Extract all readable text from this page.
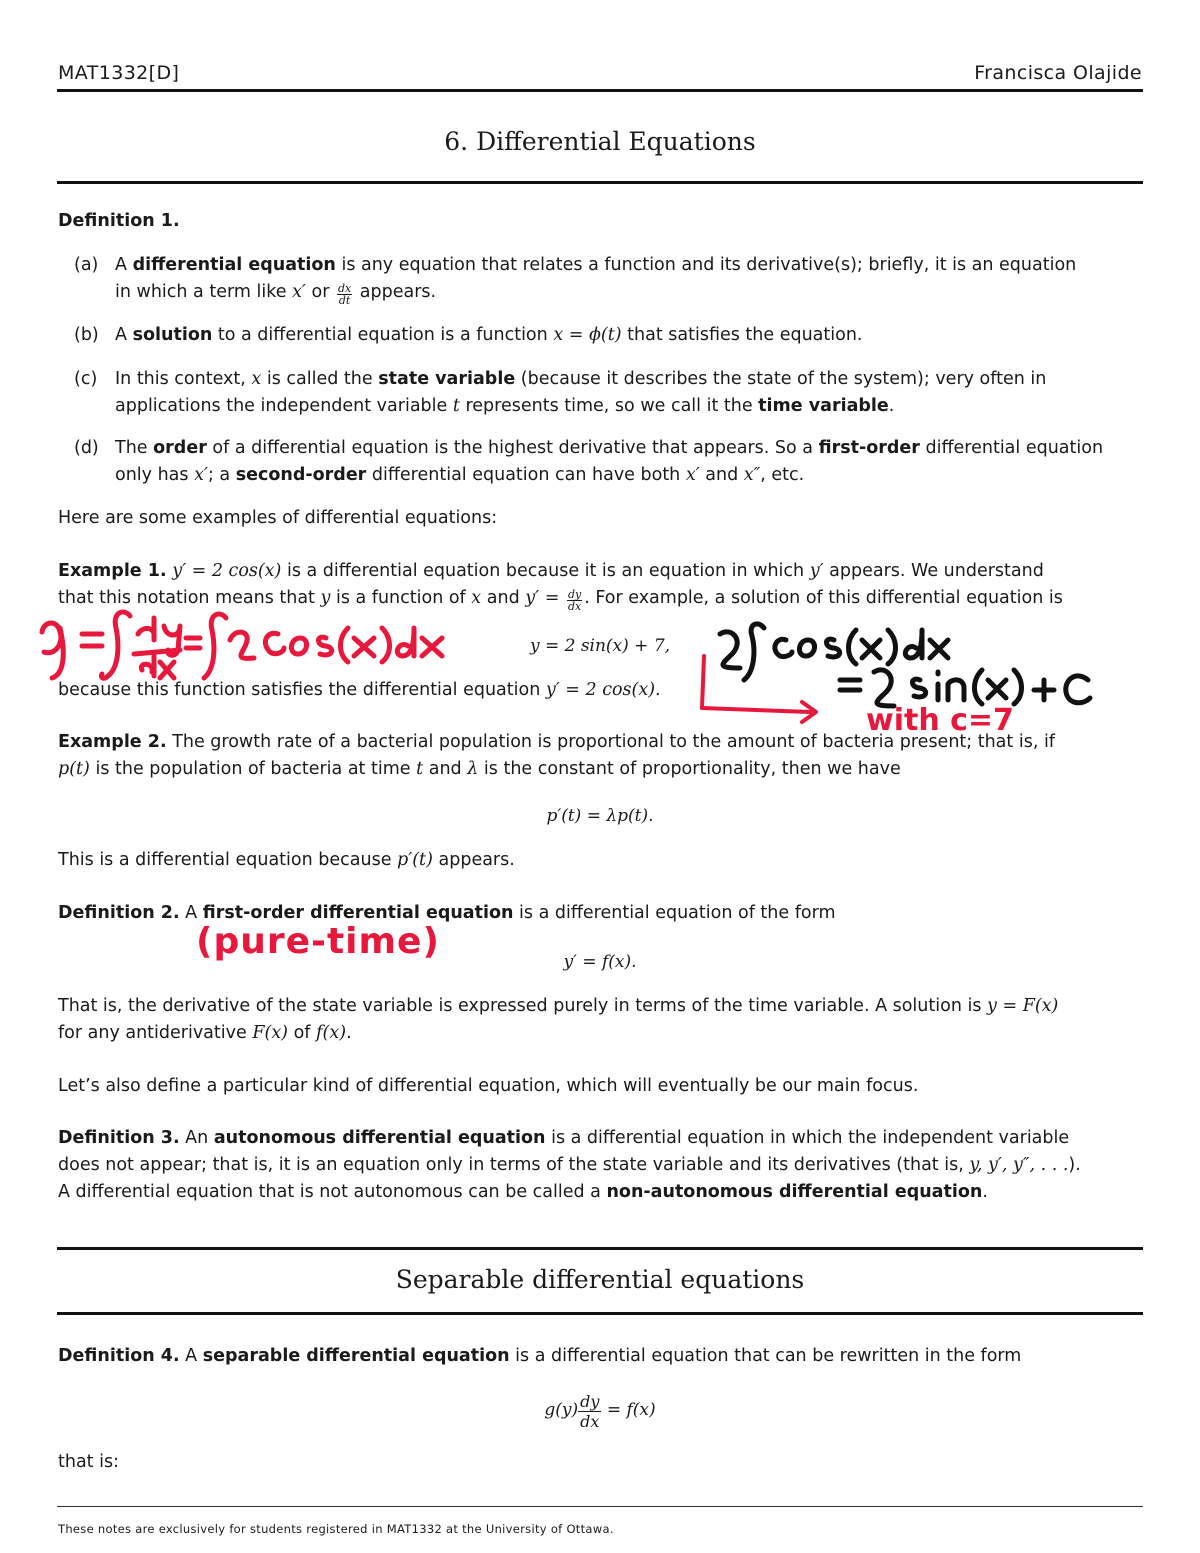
MAT1332[D]	Francisca Olajide
6. Differential Equations
Definition 1.
(a) A differential equation is any equation that relates a function and its derivative(s); briefly, it is an equation
in which a term like x′ or $\frac{dx}{dt}$ appears.
(b) A solution to a differential equation is a function x = ϕ(t) that satisfies the equation.
(c) In this context, x is called the state variable (because it describes the state of the system); very often in
applications the independent variable t represents time, so we call it the time variable.
(d) The order of a differential equation is the highest derivative that appears. So a first-order differential equation
only has x′; a second-order differential equation can have both x′ and x″, etc.
Here are some examples of differential equations:
Example 1. y′ = 2 cos(x) is a differential equation because it is an equation in which y′ appears. We understand
that this notation means that y is a function of x and $y' = \frac{dy}{dx}$ . For example, a solution of this differential equation is
y = 2 sin(x) + 7,
because this function satisfies the differential equation y′ = 2 cos(x).
Example 2. The growth rate of a bacterial population is proportional to the amount of bacteria present; that is, if
p(t) is the population of bacteria at time t and λ is the constant of proportionality, then we have
p′(t) = λp(t).
This is a differential equation because p′(t) appears.
Definition 2. A first-order differential equation is a differential equation of the form
y′ = f(x).
That is, the derivative of the state variable is expressed purely in terms of the time variable. A solution is y = F(x)
for any antiderivative F(x) of f(x).
Let’s also define a particular kind of differential equation, which will eventually be our main focus.
Definition 3. An autonomous differential equation is a differential equation in which the independent variable
does not appear; that is, it is an equation only in terms of the state variable and its derivatives (that is, y, y′, y″, . . .).
A differential equation that is not autonomous can be called a non-autonomous differential equation.
Separable differential equations
Definition 4. A separable differential equation is a differential equation that can be rewritten in the form
$g(y) \frac{dy}{dx} = f(x)$
that is:
These notes are exclusively for students registered in MAT1332 at the University of Ottawa.
with c=7
(pure-time)
